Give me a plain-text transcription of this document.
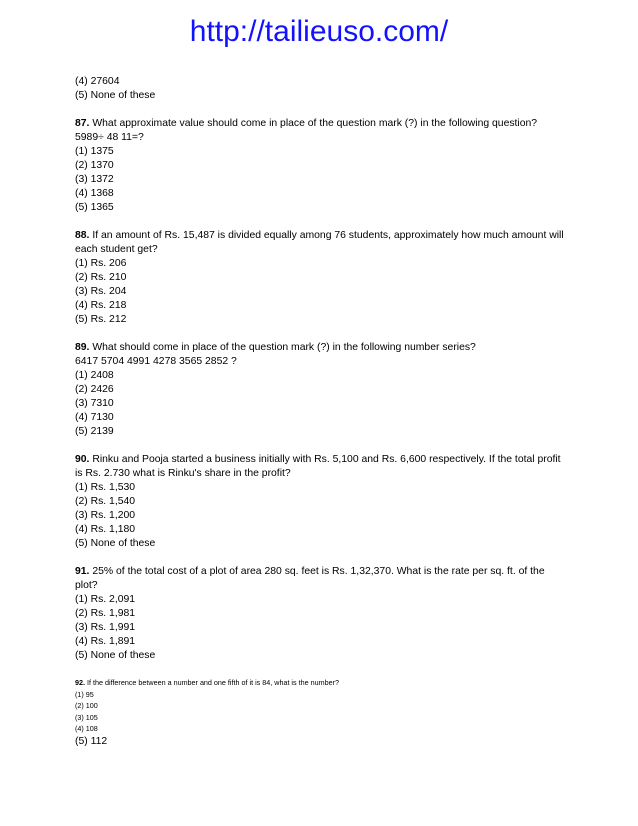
http://tailieuso.com/
(4) 27604
(5) None of these
87. What approximate value should come in place of the question mark (?) in the following question?
5989÷ 48 11=?
(1) 1375
(2) 1370
(3) 1372
(4) 1368
(5) 1365
88. If an amount of Rs. 15,487 is divided equally among 76 students, approximately how much amount will each student get?
(1) Rs. 206
(2) Rs. 210
(3) Rs. 204
(4) Rs. 218
(5) Rs. 212
89. What should come in place of the question mark (?) in the following number series?
6417 5704 4991 4278 3565 2852 ?
(1) 2408
(2) 2426
(3) 7310
(4) 7130
(5) 2139
90. Rinku and Pooja started a business initially with Rs. 5,100 and Rs. 6,600 respectively. If the total profit is Rs. 2.730 what is Rinku's share in the profit?
(1) Rs. 1,530
(2) Rs. 1,540
(3) Rs. 1,200
(4) Rs. 1,180
(5) None of these
91. 25% of the total cost of a plot of area 280 sq. feet is Rs. 1,32,370. What is the rate per sq. ft. of the plot?
(1) Rs. 2,091
(2) Rs. 1,981
(3) Rs. 1,991
(4) Rs. 1,891
(5) None of these
92. If the difference between a number and one fifth of it is 84, what is the number?
(1) 95
(2) 100
(3) 105
(4) 108
(5) 112
